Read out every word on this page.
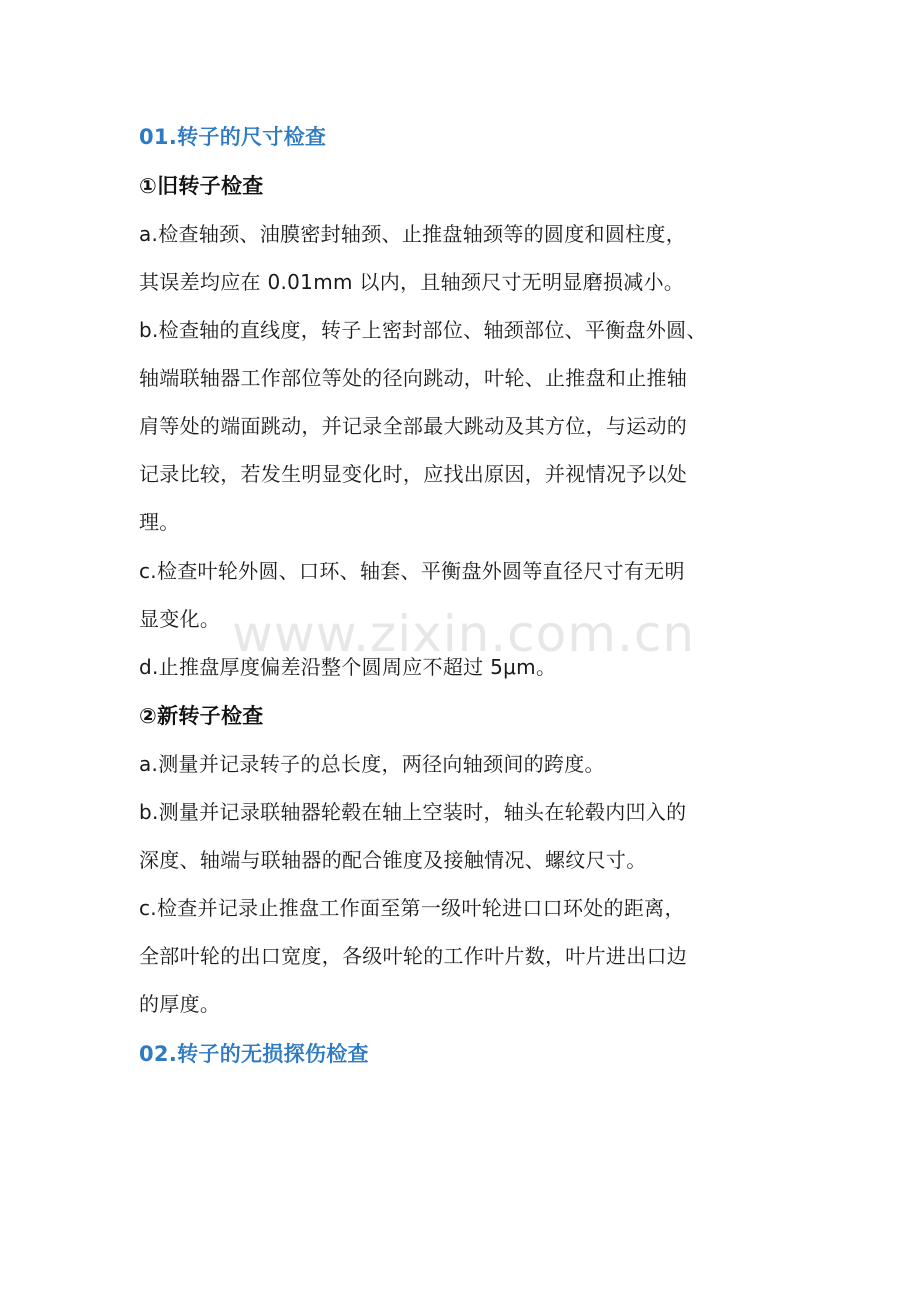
www.zixin.com.cn
01.转子的尺寸检查
①旧转子检查
a.检查轴颈、油膜密封轴颈、止推盘轴颈等的圆度和圆柱度，
其误差均应在 0.01mm 以内，且轴颈尺寸无明显磨损减小。
b.检查轴的直线度，转子上密封部位、轴颈部位、平衡盘外圆、
轴端联轴器工作部位等处的径向跳动，叶轮、止推盘和止推轴
肩等处的端面跳动，并记录全部最大跳动及其方位，与运动的
记录比较，若发生明显变化时，应找出原因，并视情况予以处
理。
c.检查叶轮外圆、口环、轴套、平衡盘外圆等直径尺寸有无明
显变化。
d.止推盘厚度偏差沿整个圆周应不超过 5μm。
②新转子检查
a.测量并记录转子的总长度，两径向轴颈间的跨度。
b.测量并记录联轴器轮毂在轴上空装时，轴头在轮毂内凹入的
深度、轴端与联轴器的配合锥度及接触情况、螺纹尺寸。
c.检查并记录止推盘工作面至第一级叶轮进口口环处的距离，
全部叶轮的出口宽度，各级叶轮的工作叶片数，叶片进出口边
的厚度。
02.转子的无损探伤检查
